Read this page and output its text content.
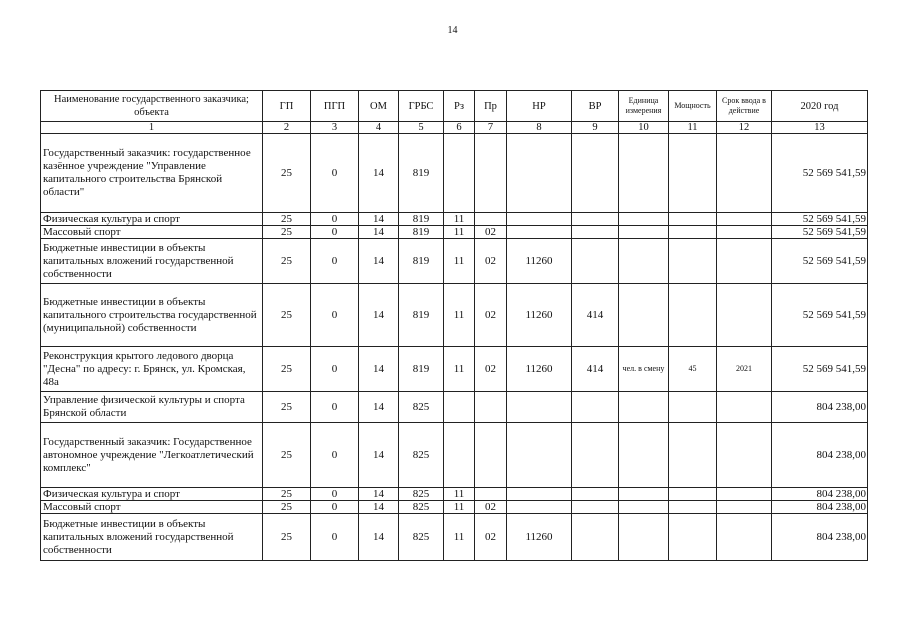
14
Наименование государственного заказчика; объекта	ГП	ПГП	ОМ	ГРБС	Рз	Пр	НР	ВР	Единица измерения	Мощность	Срок ввода в действие	2020 год
1	2	3	4	5	6	7	8	9	10	11	12	13
Государственный заказчик: государственное казённое учреждение "Управление капитального строительства Брянской области"	25	0	14	819								52 569 541,59
Физическая культура и спорт	25	0	14	819	11							52 569 541,59
Массовый спорт	25	0	14	819	11	02						52 569 541,59
Бюджетные инвестиции в объекты капитальных вложений государственной собственности	25	0	14	819	11	02	11260					52 569 541,59
Бюджетные инвестиции в объекты капитального строительства государственной (муниципальной) собственности	25	0	14	819	11	02	11260	414				52 569 541,59
Реконструкция крытого ледового дворца "Десна" по адресу: г. Брянск, ул. Кромская, 48а	25	0	14	819	11	02	11260	414	чел. в смену	45	2021	52 569 541,59
Управление физической культуры и спорта Брянской области	25	0	14	825								804 238,00
Государственный заказчик: Государственное автономное учреждение "Легкоатлетический комплекс"	25	0	14	825								804 238,00
Физическая культура и спорт	25	0	14	825	11							804 238,00
Массовый спорт	25	0	14	825	11	02						804 238,00
Бюджетные инвестиции в объекты капитальных вложений государственной собственности	25	0	14	825	11	02	11260					804 238,00
